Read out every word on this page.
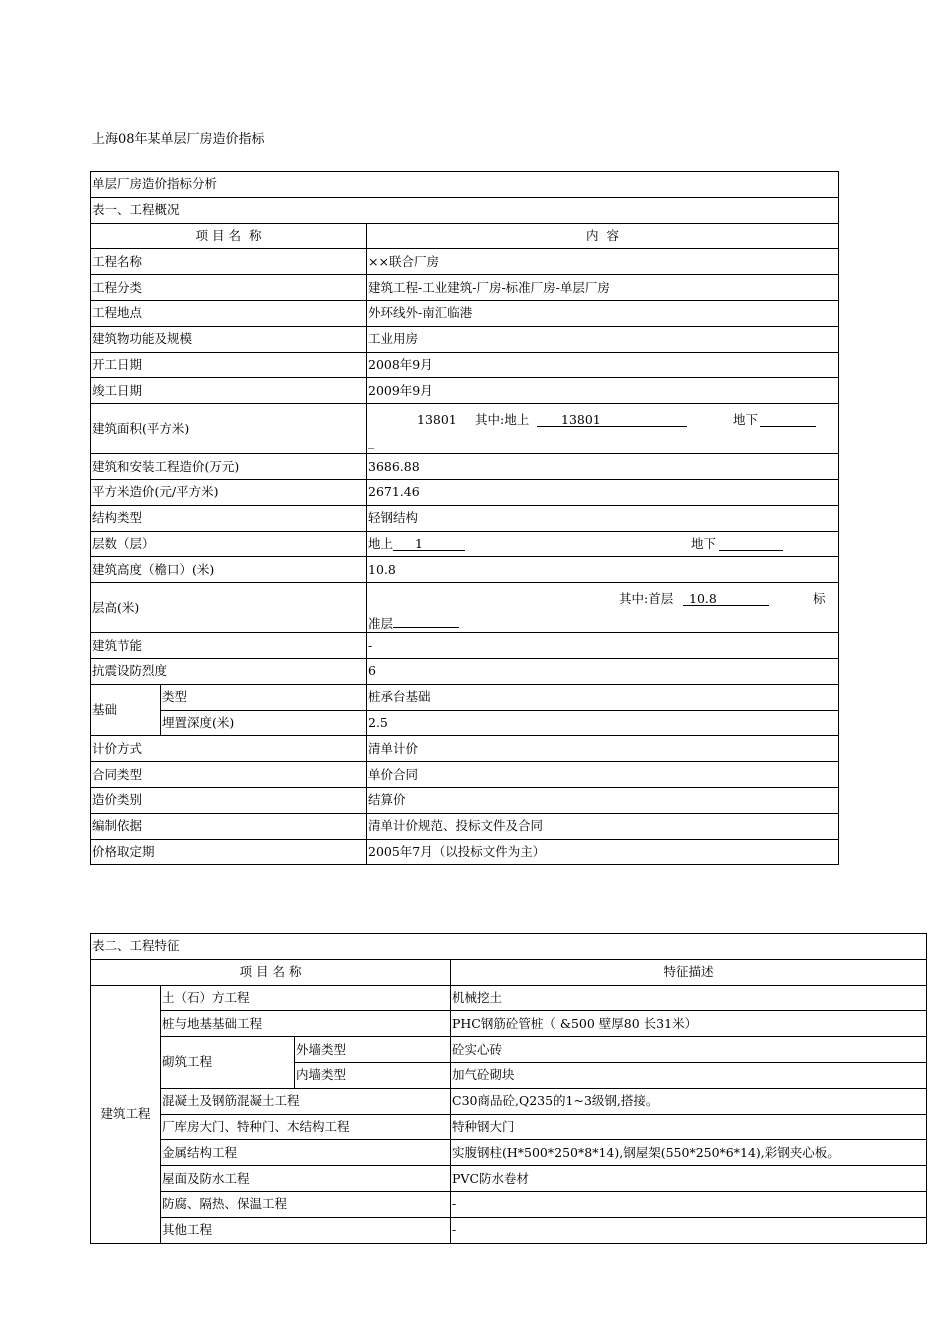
上海08年某单层厂房造价指标
单层厂房造价指标分析		
表一、工程概况		
项 目 名  称		内  容
工程名称		××联合厂房
工程分类		建筑工程-工业建筑-厂房-标准厂房-单层厂房
工程地点		外环线外-南汇临港
建筑物功能及规模		工业用房
开工日期		2008年9月
竣工日期		2009年9月
建筑面积(平方米)		13801 其中:地上 13801 地下
_

建筑和安装工程造价(万元)		3686.88
平方米造价(元/平方米)		2671.46
结构类型		轻钢结构
层数（层）		地上 1 地下

建筑高度（檐口）(米)		10.8
层高(米)		其中:首层 10.8 标
准层

建筑节能		-
抗震设防烈度		6
基础	类型	桩承台基础
	埋置深度(米)	2.5
计价方式		清单计价
合同类型		单价合同
造价类别		结算价
编制依据		清单计价规范、投标文件及合同
价格取定期		2005年7月（以投标文件为主）
表二、工程特征			
项 目 名 称			特征描述
建筑工程	土（石）方工程		机械挖土
	桩与地基基础工程		PHC钢筋砼管桩（ &500 壁厚80 长31米）
	砌筑工程	外墙类型	砼实心砖
		内墙类型	加气砼砌块
	混凝土及钢筋混凝土工程		C30商品砼,Q235的1~3级钢,搭接。
	厂库房大门、特种门、木结构工程		特种钢大门
	金属结构工程		实腹钢柱(H*500*250*8*14),钢屋架(550*250*6*14),彩钢夹心板。
	屋面及防水工程		PVC防水卷材
	防腐、隔热、保温工程		-
	其他工程		-
